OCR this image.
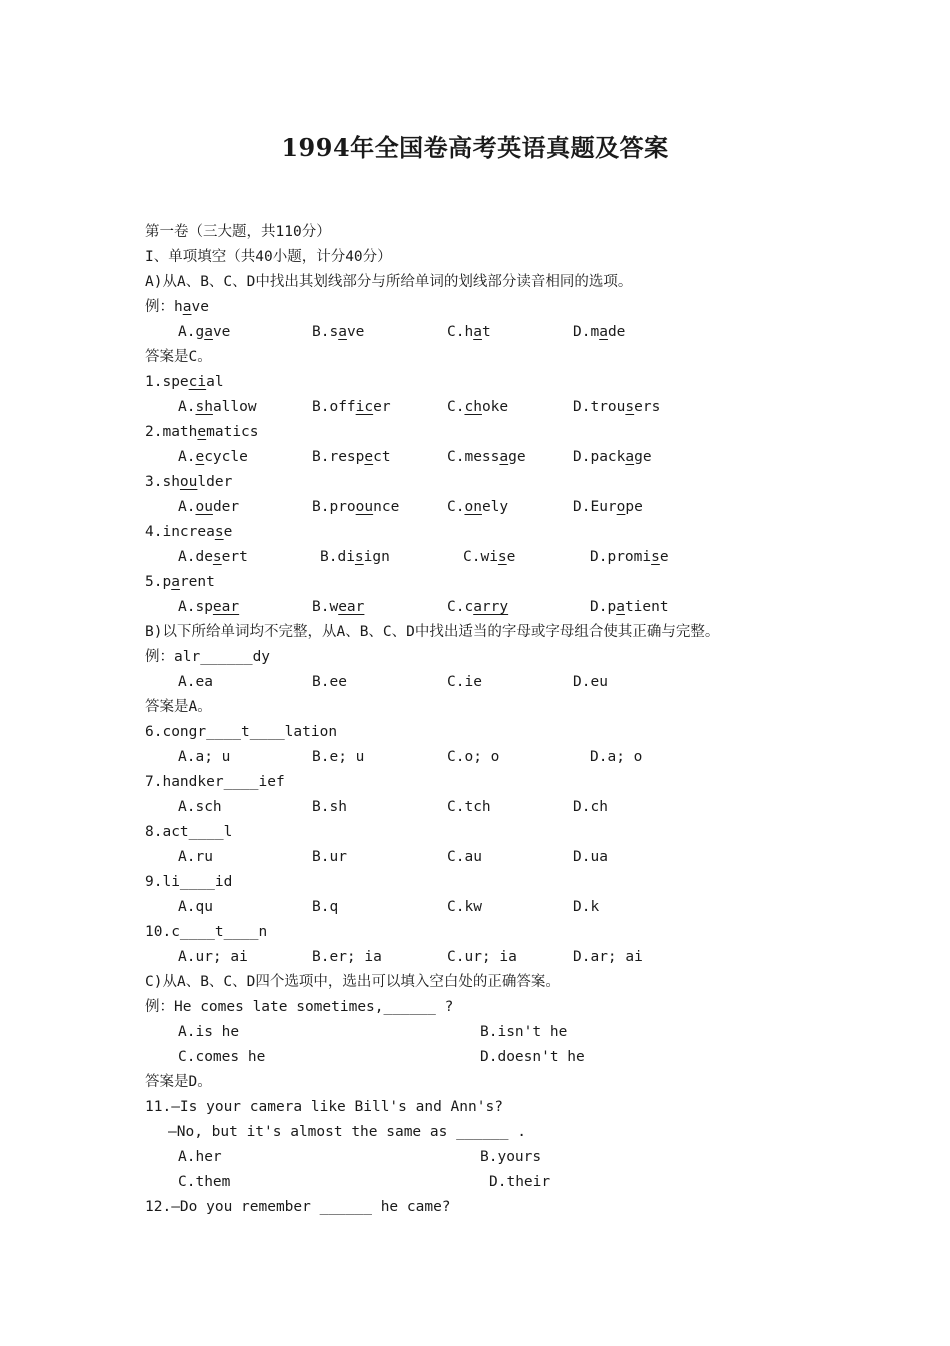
1994年全国卷高考英语真题及答案
第一卷（三大题，共110分）
I、单项填空（共40小题，计分40分）
A)从A、B、C、D中找出其划线部分与所给单词的划线部分读音相同的选项。
例：have
A.gave	B.save	C.hat	D.made
答案是C。
1.special
A.shallow	B.officer	C.choke	D.trousers
2.mathematics
A.ecycle	B.respect	C.message	D.package
3.shoulder
A.ouder	B.proounce	C.onely	D.Europe
4.increase
A.desert	B.disign	C.wise	D.promise
5.parent
A.spear	B.wear	C.carry	D.patient
B)以下所给单词均不完整，从A、B、C、D中找出适当的字母或字母组合使其正确与完整。
例：alr______dy
A.ea	B.ee	C.ie	D.eu
答案是A。
6.congr____t____lation
A.a; u	B.e; u	C.o; o	D.a; o
7.handker____ief
A.sch	B.sh	C.tch	D.ch
8.act____l
A.ru	B.ur	C.au	D.ua
9.li____id
A.qu	B.q	C.kw	D.k
10.c____t____n
A.ur; ai	B.er; ia	C.ur; ia	D.ar; ai
C)从A、B、C、D四个选项中，选出可以填入空白处的正确答案。
例：He comes late sometimes,______ ?
A.is he	B.isn't he
C.comes he	D.doesn't he
答案是D。
11.—Is your camera like Bill's and Ann's?
—No, but it's almost the same as ______ .
A.her	B.yours
C.them	D.their
12.—Do you remember ______ he came?
